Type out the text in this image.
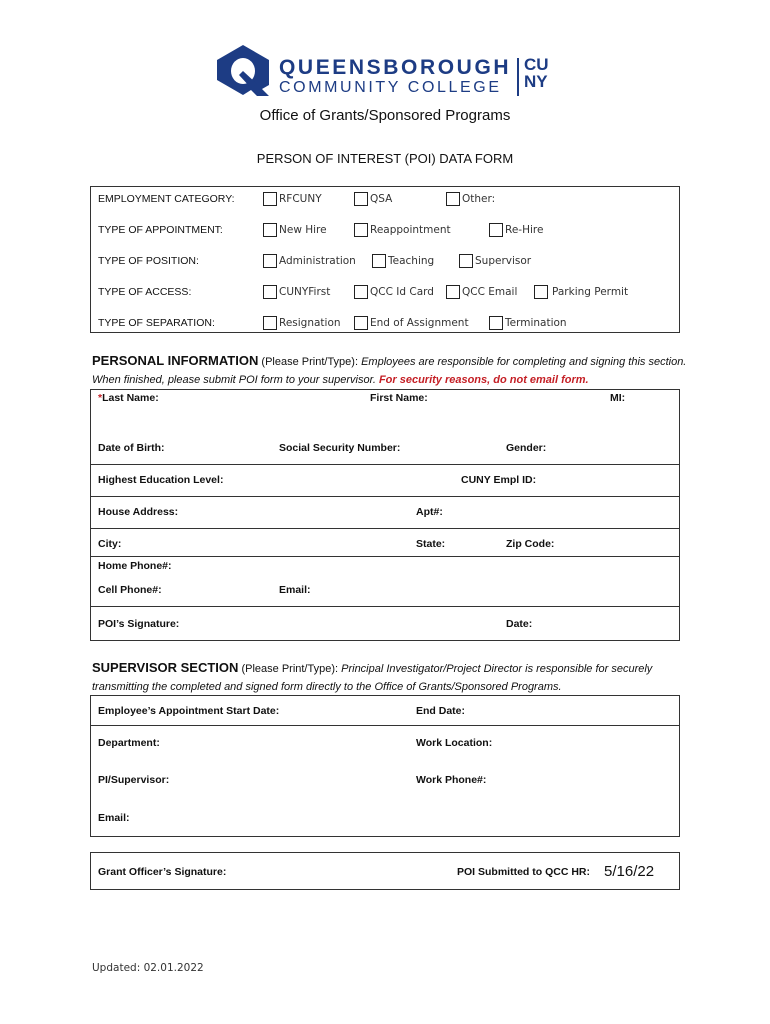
QUEENSBOROUGH
COMMUNITY COLLEGE
CU
NY
Office of Grants/Sponsored Programs
PERSON OF INTEREST (POI) DATA FORM
EMPLOYMENT CATEGORY:	RFCUNY	QSA	Other:
TYPE OF APPOINTMENT:	New Hire	Reappointment	Re-Hire
TYPE OF POSITION:	Administration	Teaching	Supervisor
TYPE OF ACCESS:	CUNYFirst	QCC Id Card	QCC Email	Parking Permit
TYPE OF SEPARATION:	Resignation	End of Assignment	Termination
PERSONAL INFORMATION (Please Print/Type): Employees are responsible for completing and signing this section. When finished, please submit POI form to your supervisor. For security reasons, do not email form.
*Last Name:	First Name:	MI:
Date of Birth:	Social Security Number:	Gender:
Highest Education Level:	CUNY Empl ID:
House Address:	Apt#:
City:	State:	Zip Code:
Home Phone#:
Cell Phone#:	Email:
POI’s Signature:	Date:
SUPERVISOR SECTION (Please Print/Type): Principal Investigator/Project Director is responsible for securely transmitting the completed and signed form directly to the Office of Grants/Sponsored Programs.
Employee’s Appointment Start Date:	End Date:
Department:	Work Location:
PI/Supervisor:	Work Phone#:
Email:
Grant Officer’s Signature:	POI Submitted to QCC HR: 5/16/22
Updated: 02.01.2022
